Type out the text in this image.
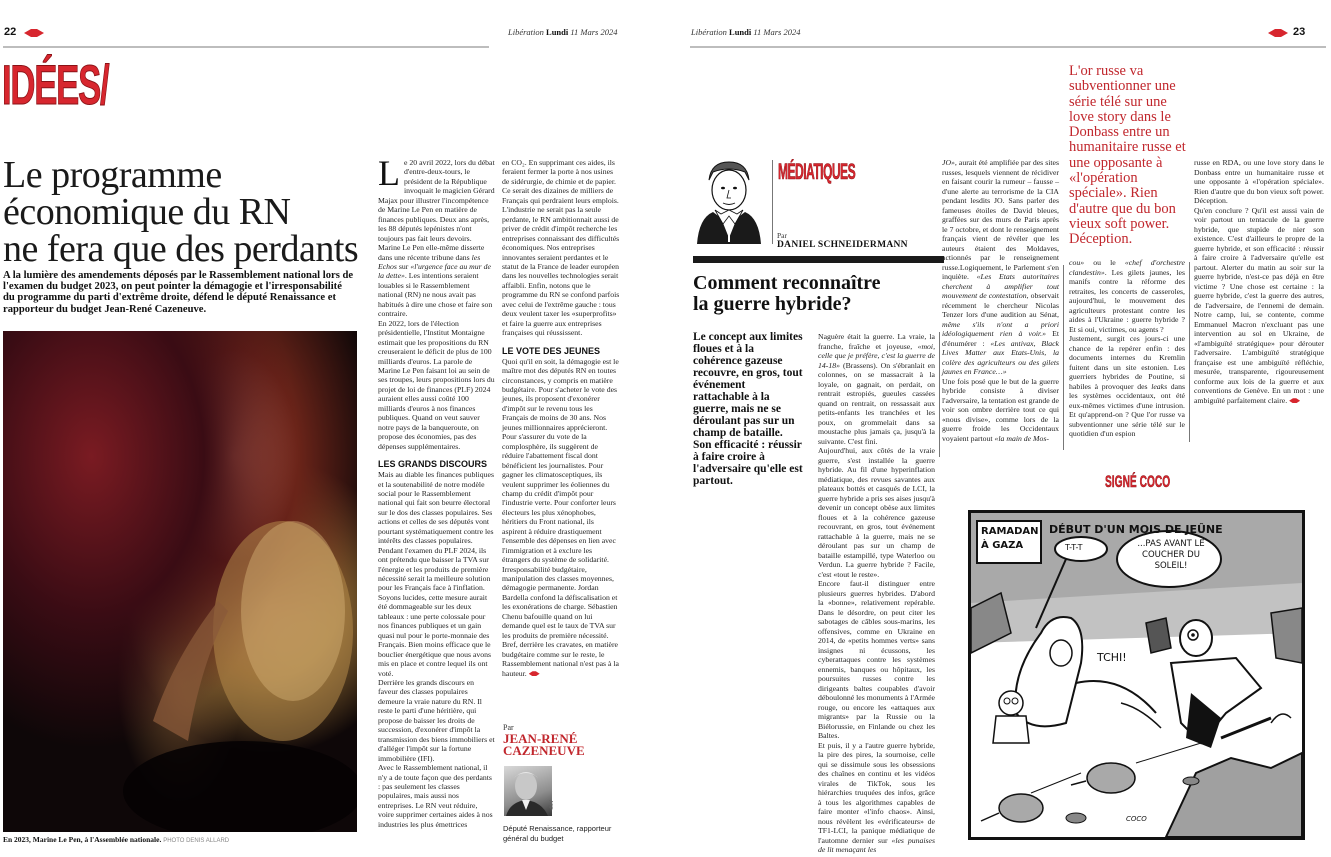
22	Libération Lundi 11 Mars 2024
IDÉES/
Le programme
économique du RN
ne fera que des perdants
A la lumière des amendements déposés par le Rassemblement national lors de l'examen du budget 2023, on peut pointer la démagogie et l'irresponsabilité du programme du parti d'extrême droite, défend le député Renaissance et rapporteur du budget Jean-René Cazeneuve.
En 2023, Marine Le Pen, à l'Assemblée nationale. PHOTO DENIS ALLARD

Le 20 avril 2022, lors du débat d'entre-deux-tours, le président de la République invoquait le magicien Gérard Majax pour illustrer l'incompétence de Marine Le Pen en matière de finances publiques. Deux ans après, les 88 députés lepénistes n'ont toujours pas fait leurs devoirs. Marine Le Pen elle-même disserte dans une récente tribune dans les Echos sur «l'urgence face au mur de la dette». Les intentions seraient louables si le Rassemblement national (RN) ne nous avait pas habitués à dire une chose et faire son contraire.

En 2022, lors de l'élection présidentielle, l'Institut Montaigne estimait que les propositions du RN creuseraient le déficit de plus de 100 milliards d'euros. La parole de Marine Le Pen faisant loi au sein de ses troupes, leurs propositions lors du projet de loi de finances (PLF) 2024 auraient elles aussi coûté 100 milliards d'euros à nos finances publiques. Quand on veut sauver notre pays de la banqueroute, on propose des économies, pas des dépenses supplémentaires.

LES GRANDS DISCOURS

Mais au diable les finances publiques et la soutenabilité de notre modèle social pour le Rassemblement national qui fait son beurre électoral sur le dos des classes populaires. Ses actions et celles de ses députés vont pourtant systématiquement contre les intérêts des classes populaires. Pendant l'examen du PLF 2024, ils ont prétendu que baisser la TVA sur l'énergie et les produits de première nécessité serait la meilleure solution pour les Français face à l'inflation. Soyons lucides, cette mesure aurait été dommageable sur les deux tableaux : une perte colossale pour nos finances publiques et un gain quasi nul pour le porte-monnaie des Français. Bien moins efficace que le bouclier énergétique que nous avons mis en place et contre lequel ils ont voté.

Derrière les grands discours en faveur des classes populaires demeure la vraie nature du RN. Il reste le parti d'une héritière, qui propose de baisser les droits de succession, d'exonérer d'impôt la transmission des biens immobiliers et d'alléger l'impôt sur la fortune immobilière (IFI).

Avec le Rassemblement national, il n'y a de toute façon que des perdants : pas seulement les classes populaires, mais aussi nos entreprises. Le RN veut réduire, voire supprimer certaines aides à nos industries les plus émettrices

en CO₂. En supprimant ces aides, ils feraient fermer la porte à nos usines de sidérurgie, de chimie et de papier. Ce serait des dizaines de milliers de Français qui perdraient leurs emplois. L'industrie ne serait pas la seule perdante, le RN ambitionnait aussi de priver de crédit d'impôt recherche les entreprises connaissant des difficultés économiques. Nos entreprises innovantes seraient perdantes et le statut de la France de leader européen dans les nouvelles technologies serait affaibli. Enfin, notons que le programme du RN se confond parfois avec celui de l'extrême gauche : tous deux veulent taxer les «superprofits» et faire la guerre aux entreprises françaises qui réussissent.

LE VOTE DES JEUNES

Quoi qu'il en soit, la démagogie est le maître mot des députés RN en toutes circonstances, y compris en matière budgétaire. Pour s'acheter le vote des jeunes, ils proposent d'exonérer d'impôt sur le revenu tous les Français de moins de 30 ans. Nos jeunes millionnaires apprécieront. Pour s'assurer du vote de la complosphère, ils suggèrent de réduire l'abattement fiscal dont bénéficient les journalistes. Pour gagner les climatosceptiques, ils veulent supprimer les éoliennes du champ du crédit d'impôt pour l'industrie verte. Pour conforter leurs électeurs les plus xénophobes, héritiers du Front national, ils aspirent à réduire drastiquement l'ensemble des dépenses en lien avec l'immigration et à exclure les étrangers du système de solidarité.

Irresponsabilité budgétaire, manipulation des classes moyennes, démagogie permanente. Jordan Bardella confond la défiscalisation et les exonérations de charge. Sébastien Chenu bafouille quand on lui demande quel est le taux de TVA sur les produits de première nécessité. Bref, derrière les cravates, en matière budgétaire comme sur le reste, le Rassemblement national n'est pas à la hauteur.

Par
JEAN-RENÉ
CAZENEUVE
AFP
Député Renaissance, rapporteur général du budget
Libération Lundi 11 Mars 2024	23
MÉDIATIQUES
Par
DANIEL SCHNEIDERMANN
Comment reconnaître
la guerre hybride?
Le concept aux limites floues et à la cohérence gazeuse recouvre, en gros, tout événement rattachable à la guerre, mais ne se déroulant pas sur un champ de bataille. Son efficacité : réussir à faire croire à l'adversaire qu'elle est partout.

Naguère était la guerre. La vraie, la franche, fraîche et joyeuse, «moi, celle que je préfère, c'est la guerre de 14-18» (Brassens). On s'ébranlait en colonnes, on se massacrait à la loyale, on gagnait, on perdait, on rentrait estropiés, gueules cassées quand on rentrait, on ressassait aux petits-enfants les tranchées et les poux, on grommelait dans sa moustache plus jamais ça, jusqu'à la suivante. C'est fini.

Aujourd'hui, aux côtés de la vraie guerre, s'est installée la guerre hybride. Au fil d'une hyperinflation médiatique, des revues savantes aux plateaux bottés et casqués de LCI, la guerre hybride a pris ses aises jusqu'à devenir un concept obèse aux limites floues et à la cohérence gazeuse recouvrant, en gros, tout événement rattachable à la guerre, mais ne se déroulant pas sur un champ de bataille estampillé, type Waterloo ou Verdun. La guerre hybride ? Facile, c'est «tout le reste».

Encore faut-il distinguer entre plusieurs guerres hybrides. D'abord la «bonne», relativement repérable. Dans le désordre, on peut citer les sabotages de câbles sous-marins, les offensives, comme en Ukraine en 2014, de «petits hommes verts» sans insignes ni écussons, les cyberattaques contre les systèmes ennemis, banques ou hôpitaux, les poursuites russes contre les dirigeants baltes coupables d'avoir déboulonné les monuments à l'Armée rouge, ou encore les «attaques aux migrants» par la Russie ou la Biélorussie, en Finlande ou chez les Baltes.

Et puis, il y a l'autre guerre hybride, la pire des pires, la sournoise, celle qui se dissimule sous les obsessions des chaînes en continu et les vidéos virales de TikTok, sous les hiérarchies truquées des infos, grâce à tous les algorithmes capables de faire monter «l'info chaos». Ainsi, nous révèlent les «vérificateurs» de TF1-LCI, la panique médiatique de l'automne dernier sur «les punaises de lit menaçant les

JO», aurait été amplifiée par des sites russes, lesquels viennent de récidiver en faisant courir la rumeur – fausse – d'une alerte au terrorisme de la CIA pendant lesdits JO. Sans parler des fameuses étoiles de David bleues, graffées sur des murs de Paris après le 7 octobre, et dont le renseignement français vient de révéler que les auteurs étaient des Moldaves, actionnés par le renseignement russe.Logiquement, le Parlement s'en inquiète. «Les Etats autoritaires cherchent à amplifier tout mouvement de contestation, observait récemment le chercheur Nicolas Tenzer lors d'une audition au Sénat, même s'ils n'ont a priori idéologiquement rien à voir.» Et d'énumérer : «Les antivax, Black Lives Matter aux Etats-Unis, la colère des agriculteurs ou des gilets jaunes en France…»

Une fois posé que le but de la guerre hybride consiste à diviser l'adversaire, la tentation est grande de voir son ombre derrière tout ce qui «nous divise», comme lors de la guerre froide les Occidentaux voyaient partout «la main de Mos-

L'or russe va subventionner une série télé sur une love story dans le Donbass entre un humanitaire russe et une opposante à «l'opération spéciale». Rien d'autre que du bon vieux soft power. Déception.

cou» ou le «chef d'orchestre clandestin». Les gilets jaunes, les manifs contre la réforme des retraites, les concerts de casseroles, aujourd'hui, le mouvement des agriculteurs protestant contre les aides à l'Ukraine : guerre hybride ? Et si oui, victimes, ou agents ?

Justement, surgit ces jours-ci une chance de la repérer enfin : des documents internes du Kremlin fuitent dans un site estonien. Les guerriers hybrides de Poutine, si habiles à provoquer des leaks dans les systèmes occidentaux, ont été eux-mêmes victimes d'une intrusion. Et qu'apprend-on ? Que l'or russe va subventionner une série télé sur le quotidien d'un espion

russe en RDA, ou une love story dans le Donbass entre un humanitaire russe et une opposante à «l'opération spéciale». Rien d'autre que du bon vieux soft power. Déception.

Qu'en conclure ? Qu'il est aussi vain de voir partout un tentacule de la guerre hybride, que stupide de nier son existence. C'est d'ailleurs le propre de la guerre hybride, et son efficacité : réussir à faire croire à l'adversaire qu'elle est partout. Alerter du matin au soir sur la guerre hybride, n'est-ce pas déjà en être victime ? Une chose est certaine : la guerre hybride, c'est la guerre des autres, de l'adversaire, de l'ennemi de demain. Notre camp, lui, se contente, comme Emmanuel Macron n'excluant pas une intervention au sol en Ukraine, de «l'ambiguïté stratégique» pour dérouter l'adversaire. L'ambiguïté stratégique française est une ambiguïté réfléchie, mesurée, transparente, rigoureusement conforme aux lois de la guerre et aux conventions de Genève. En un mot : une ambiguïté parfaitement claire.

SIGNÉ COCO
RAMADAN À GAZA
DÉBUT D'UN MOIS DE JEÛNE
T-T-T	...PAS AVANT LE COUCHER DU SOLEIL!
TCHI!
COCO
